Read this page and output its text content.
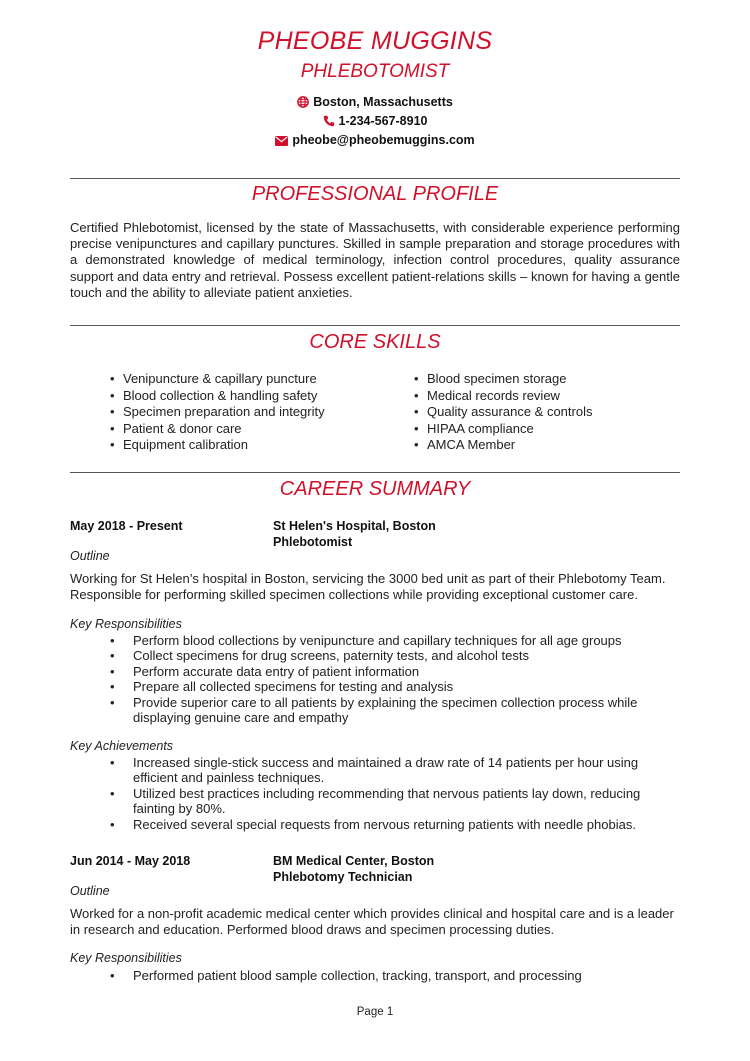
PHEOBE MUGGINS
PHLEBOTOMIST
Boston, Massachusetts
1-234-567-8910
pheobe@pheobemuggins.com
PROFESSIONAL PROFILE
Certified Phlebotomist, licensed by the state of Massachusetts, with considerable experience performing precise venipunctures and capillary punctures. Skilled in sample preparation and storage procedures with a demonstrated knowledge of medical terminology, infection control procedures, quality assurance support and data entry and retrieval. Possess excellent patient-relations skills – known for having a gentle touch and the ability to alleviate patient anxieties.
CORE SKILLS
• Venipuncture & capillary puncture
• Blood collection & handling safety
• Specimen preparation and integrity
• Patient & donor care
• Equipment calibration
• Blood specimen storage
• Medical records review
• Quality assurance & controls
• HIPAA compliance
• AMCA Member
CAREER SUMMARY
May 2018 - Present	St Helen's Hospital, Boston
Phlebotomist
Outline
Working for St Helen’s hospital in Boston, servicing the 3000 bed unit as part of their Phlebotomy Team. Responsible for performing skilled specimen collections while providing exceptional customer care.
Key Responsibilities
• Perform blood collections by venipuncture and capillary techniques for all age groups
• Collect specimens for drug screens, paternity tests, and alcohol tests
• Perform accurate data entry of patient information
• Prepare all collected specimens for testing and analysis
• Provide superior care to all patients by explaining the specimen collection process while displaying genuine care and empathy
Key Achievements
• Increased single-stick success and maintained a draw rate of 14 patients per hour using efficient and painless techniques.
• Utilized best practices including recommending that nervous patients lay down, reducing fainting by 80%.
• Received several special requests from nervous returning patients with needle phobias.
Jun 2014 - May 2018	BM Medical Center, Boston
Phlebotomy Technician
Outline
Worked for a non-profit academic medical center which provides clinical and hospital care and is a leader in research and education. Performed blood draws and specimen processing duties.
Key Responsibilities
• Performed patient blood sample collection, tracking, transport, and processing
Page 1
